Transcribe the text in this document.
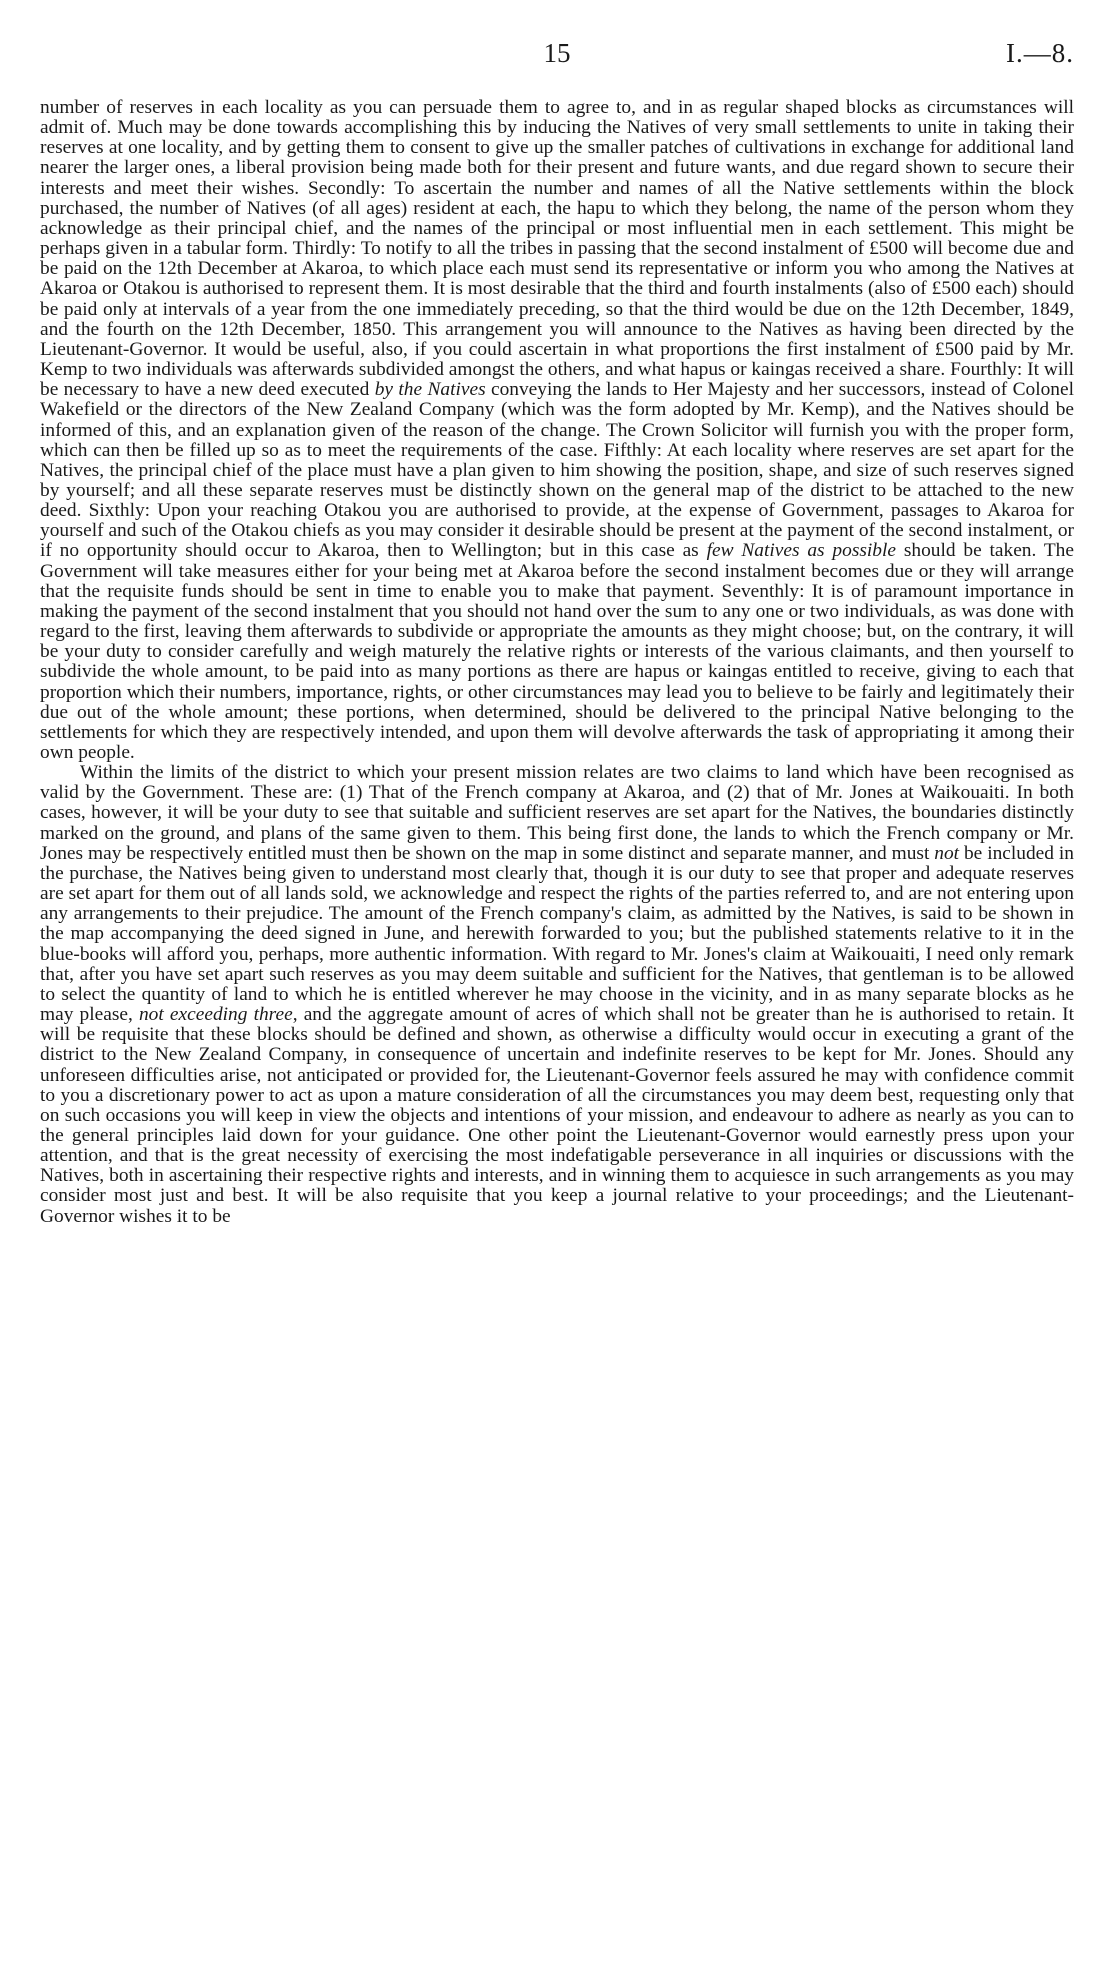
15	I.—8.

number of reserves in each locality as you can persuade them to agree to, and in as regular shaped blocks as circumstances will admit of. Much may be done towards accomplishing this by inducing the Natives of very small settlements to unite in taking their reserves at one locality, and by getting them to consent to give up the smaller patches of cultivations in exchange for additional land nearer the larger ones, a liberal provision being made both for their present and future wants, and due regard shown to secure their interests and meet their wishes. Secondly: To ascertain the number and names of all the Native settlements within the block purchased, the number of Natives (of all ages) resident at each, the hapu to which they belong, the name of the person whom they acknowledge as their principal chief, and the names of the principal or most influential men in each settlement. This might be perhaps given in a tabular form. Thirdly: To notify to all the tribes in passing that the second instalment of £500 will become due and be paid on the 12th December at Akaroa, to which place each must send its representative or inform you who among the Natives at Akaroa or Otakou is authorised to represent them. It is most desirable that the third and fourth instalments (also of £500 each) should be paid only at intervals of a year from the one immediately preceding, so that the third would be due on the 12th December, 1849, and the fourth on the 12th December, 1850. This arrangement you will announce to the Natives as having been directed by the Lieutenant-Governor. It would be useful, also, if you could ascertain in what proportions the first instalment of £500 paid by Mr. Kemp to two individuals was afterwards subdivided amongst the others, and what hapus or kaingas received a share. Fourthly: It will be necessary to have a new deed executed by the Natives conveying the lands to Her Majesty and her successors, instead of Colonel Wakefield or the directors of the New Zealand Company (which was the form adopted by Mr. Kemp), and the Natives should be informed of this, and an explanation given of the reason of the change. The Crown Solicitor will furnish you with the proper form, which can then be filled up so as to meet the requirements of the case. Fifthly: At each locality where reserves are set apart for the Natives, the principal chief of the place must have a plan given to him showing the position, shape, and size of such reserves signed by yourself; and all these separate reserves must be distinctly shown on the general map of the district to be attached to the new deed. Sixthly: Upon your reaching Otakou you are authorised to provide, at the expense of Government, passages to Akaroa for yourself and such of the Otakou chiefs as you may consider it desirable should be present at the payment of the second instalment, or if no opportunity should occur to Akaroa, then to Wellington; but in this case as few Natives as possible should be taken. The Government will take measures either for your being met at Akaroa before the second instalment becomes due or they will arrange that the requisite funds should be sent in time to enable you to make that payment. Seventhly: It is of paramount importance in making the payment of the second instalment that you should not hand over the sum to any one or two individuals, as was done with regard to the first, leaving them afterwards to subdivide or appropriate the amounts as they might choose; but, on the contrary, it will be your duty to consider carefully and weigh maturely the relative rights or interests of the various claimants, and then yourself to subdivide the whole amount, to be paid into as many portions as there are hapus or kaingas entitled to receive, giving to each that proportion which their numbers, importance, rights, or other circumstances may lead you to believe to be fairly and legitimately their due out of the whole amount; these portions, when determined, should be delivered to the principal Native belonging to the settlements for which they are respectively intended, and upon them will devolve afterwards the task of appropriating it among their own people.

Within the limits of the district to which your present mission relates are two claims to land which have been recognised as valid by the Government. These are: (1) That of the French company at Akaroa, and (2) that of Mr. Jones at Waikouaiti. In both cases, however, it will be your duty to see that suitable and sufficient reserves are set apart for the Natives, the boundaries distinctly marked on the ground, and plans of the same given to them. This being first done, the lands to which the French company or Mr. Jones may be respectively entitled must then be shown on the map in some distinct and separate manner, and must not be included in the purchase, the Natives being given to understand most clearly that, though it is our duty to see that proper and adequate reserves are set apart for them out of all lands sold, we acknowledge and respect the rights of the parties referred to, and are not entering upon any arrangements to their prejudice. The amount of the French company's claim, as admitted by the Natives, is said to be shown in the map accompanying the deed signed in June, and herewith forwarded to you; but the published statements relative to it in the blue-books will afford you, perhaps, more authentic information. With regard to Mr. Jones's claim at Waikouaiti, I need only remark that, after you have set apart such reserves as you may deem suitable and sufficient for the Natives, that gentleman is to be allowed to select the quantity of land to which he is entitled wherever he may choose in the vicinity, and in as many separate blocks as he may please, not exceeding three, and the aggregate amount of acres of which shall not be greater than he is authorised to retain. It will be requisite that these blocks should be defined and shown, as otherwise a difficulty would occur in executing a grant of the district to the New Zealand Company, in consequence of uncertain and indefinite reserves to be kept for Mr. Jones. Should any unforeseen difficulties arise, not anticipated or provided for, the Lieutenant-Governor feels assured he may with confidence commit to you a discretionary power to act as upon a mature consideration of all the circumstances you may deem best, requesting only that on such occasions you will keep in view the objects and intentions of your mission, and endeavour to adhere as nearly as you can to the general principles laid down for your guidance. One other point the Lieutenant-Governor would earnestly press upon your attention, and that is the great necessity of exercising the most indefatigable perseverance in all inquiries or discussions with the Natives, both in ascertaining their respective rights and interests, and in winning them to acquiesce in such arrangements as you may consider most just and best. It will be also requisite that you keep a journal relative to your proceedings; and the Lieutenant-Governor wishes it to be
